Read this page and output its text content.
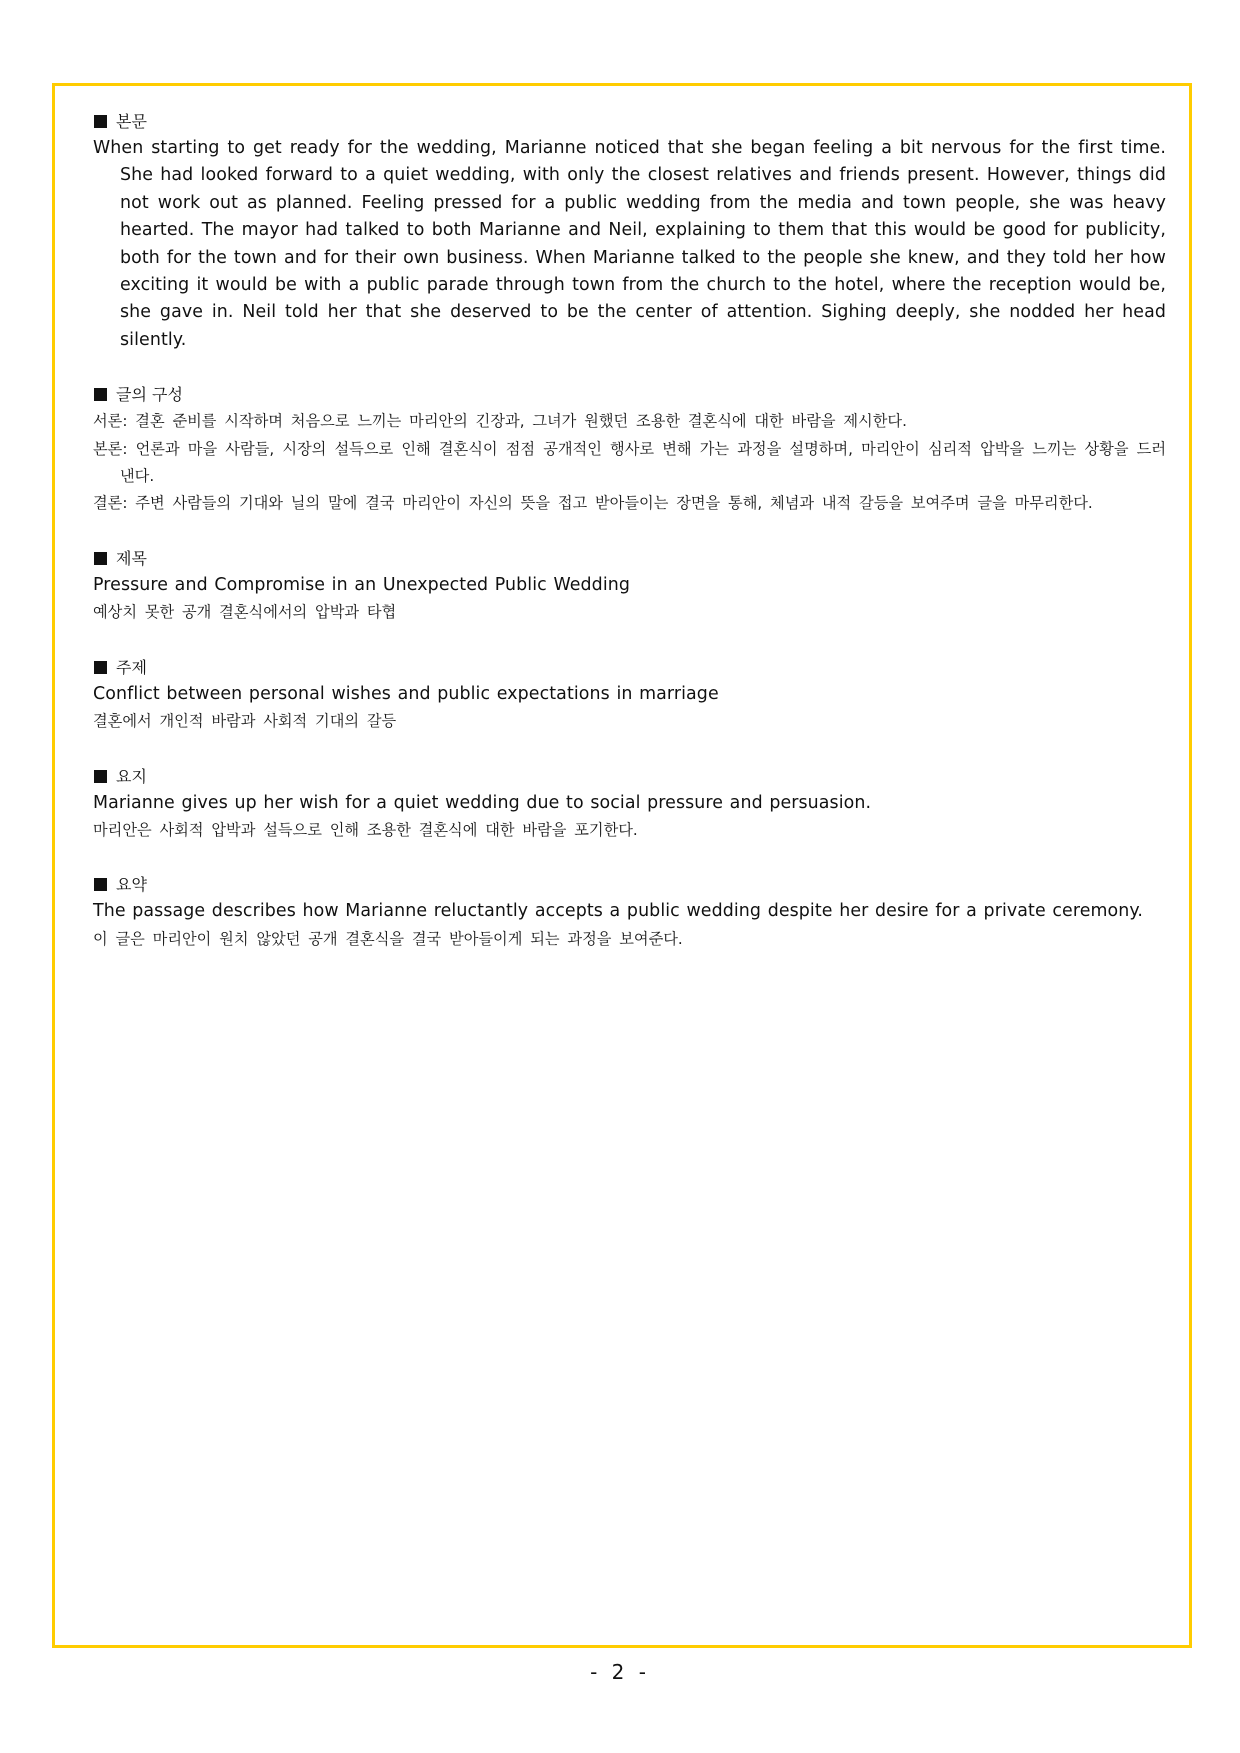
본문

When starting to get ready for the wedding, Marianne noticed that she began feeling a bit nervous for the first time. She had looked forward to a quiet wedding, with only the closest relatives and friends present. However, things did not work out as planned. Feeling pressed for a public wedding from the media and town people, she was heavy hearted. The mayor had talked to both Marianne and Neil, explaining to them that this would be good for publicity, both for the town and for their own business. When Marianne talked to the people she knew, and they told her how exciting it would be with a public parade through town from the church to the hotel, where the reception would be, she gave in. Neil told her that she deserved to be the center of attention. Sighing deeply, she nodded her head silently.

글의 구성

서론: 결혼 준비를 시작하며 처음으로 느끼는 마리안의 긴장과, 그녀가 원했던 조용한 결혼식에 대한 바람을 제시한다.

본론: 언론과 마을 사람들, 시장의 설득으로 인해 결혼식이 점점 공개적인 행사로 변해 가는 과정을 설명하며, 마리안이 심리적 압박을 느끼는 상황을 드러낸다.

결론: 주변 사람들의 기대와 닐의 말에 결국 마리안이 자신의 뜻을 접고 받아들이는 장면을 통해, 체념과 내적 갈등을 보여주며 글을 마무리한다.

제목

Pressure and Compromise in an Unexpected Public Wedding

예상치 못한 공개 결혼식에서의 압박과 타협

주제

Conflict between personal wishes and public expectations in marriage

결혼에서 개인적 바람과 사회적 기대의 갈등

요지

Marianne gives up her wish for a quiet wedding due to social pressure and persuasion.

마리안은 사회적 압박과 설득으로 인해 조용한 결혼식에 대한 바람을 포기한다.

요약

The passage describes how Marianne reluctantly accepts a public wedding despite her desire for a private ceremony.

이 글은 마리안이 원치 않았던 공개 결혼식을 결국 받아들이게 되는 과정을 보여준다.

- 2 -
